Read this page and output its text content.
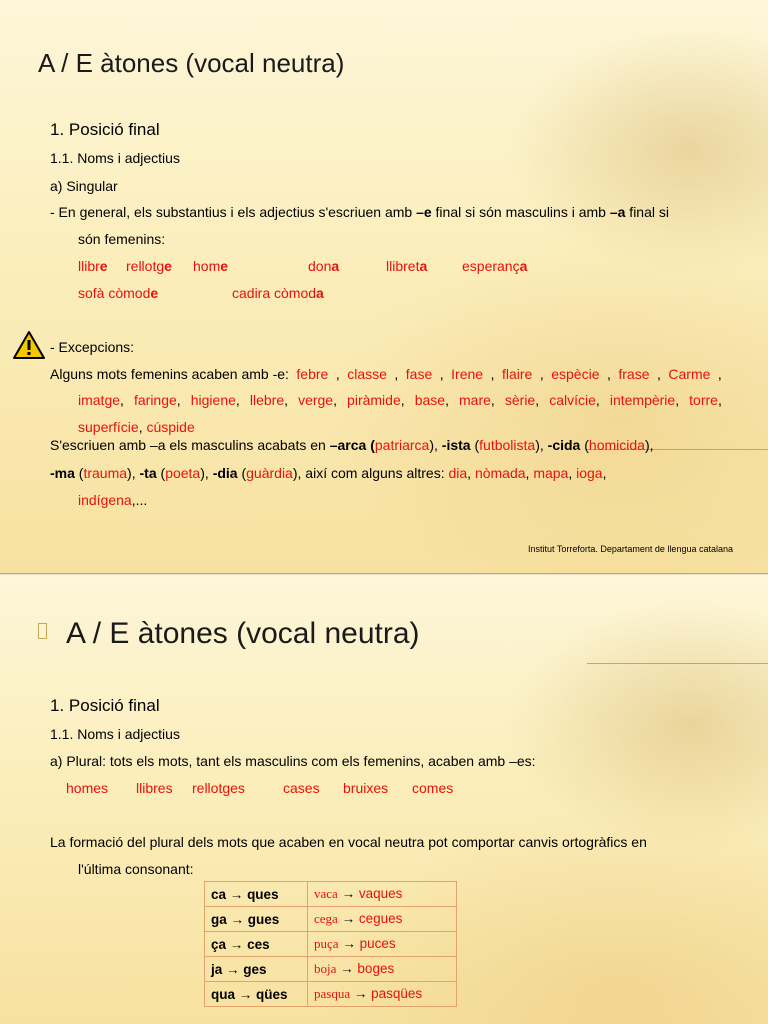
A / E àtones (vocal neutra)
1. Posició final
1.1. Noms i adjectius
a) Singular
- En general, els substantius i els adjectius s'escriuen amb –e final si són masculins i amb –a final si
són femenins:
llibre rellotge home	dona	llibreta esperança
sofà còmode	cadira còmoda
- Excepcions:
Alguns mots femenins acaben amb -e: febre , classe , fase , Irene , flaire , espècie , frase , Carme ,
imatge, faringe, higiene, llebre, verge, piràmide, base, mare, sèrie, calvície, intempèrie, torre,
superfície, cúspide
S'escriuen amb –a els masculins acabats en –arca (patriarca), -ista (futbolista), -cida (homicida),
-ma (trauma), -ta (poeta), -dia (guàrdia), així com alguns altres: dia, nòmada, mapa, ioga,
indígena,...
Institut Torreforta. Departament de llengua catalana
A / E àtones (vocal neutra)
1. Posició final
1.1. Noms i adjectius
a) Plural: tots els mots, tant els masculins com els femenins, acaben amb –es:
homes llibres rellotges	cases bruixes comes
La formació del plural dels mots que acaben en vocal neutra pot comportar canvis ortogràfics en
l'última consonant:
ca → ques	vaca → vaques
ga → gues	cega → cegues
ça → ces	puça → puces
ja → ges	boja → boges
qua → qües	pasqua → pasqües
